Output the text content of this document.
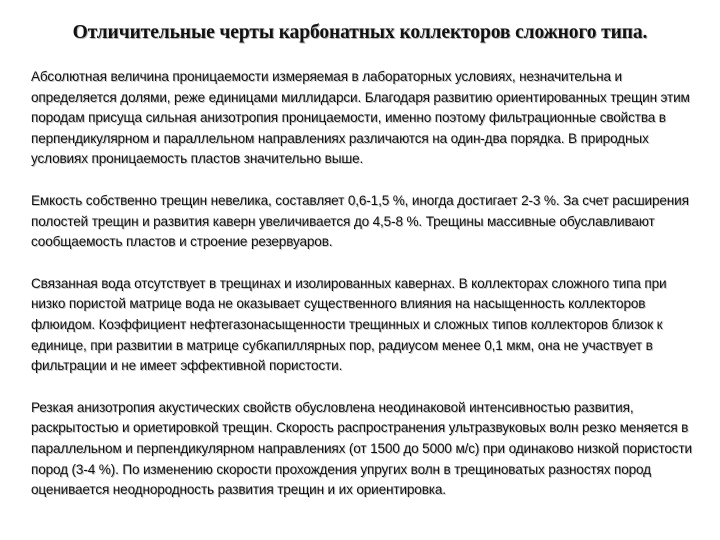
Отличительные черты карбонатных коллекторов сложного типа.

Абсолютная величина проницаемости измеряемая в лабораторных условиях, незначительна и определяется долями, реже единицами миллидарси. Благодаря развитию ориентированных трещин этим породам присуща сильная анизотропия проницаемости, именно поэтому фильтрационные свойства в перпендикулярном и параллельном направлениях различаются на один-два порядка. В природных условиях проницаемость пластов значительно выше.

Емкость собственно трещин невелика, составляет 0,6-1,5 %, иногда достигает 2-3 %. За счет расширения полостей трещин и развития каверн увеличивается до 4,5-8 %. Трещины массивные обуславливают сообщаемость пластов и строение резервуаров.

Связанная вода отсутствует в трещинах и изолированных кавернах. В коллекторах сложного типа при низко пористой матрице вода не оказывает существенного влияния на насыщенность коллекторов флюидом. Коэффициент нефтегазонасыщенности трещинных и сложных типов коллекторов близок к единице, при развитии в матрице субкапиллярных пор, радиусом менее 0,1 мкм, она не участвует в фильтрации и не имеет эффективной пористости.

Резкая анизотропия акустических свойств обусловлена неодинаковой интенсивностью развития, раскрытостью и ориетировкой трещин. Скорость распространения ультразвуковых волн резко меняется в параллельном и перпендикулярном направлениях (от 1500 до 5000 м/с) при одинаково низкой пористости пород (3-4 %). По изменению скорости прохождения упругих волн в трещиноватых разностях пород оценивается неоднородность развития трещин и их ориентировка.
